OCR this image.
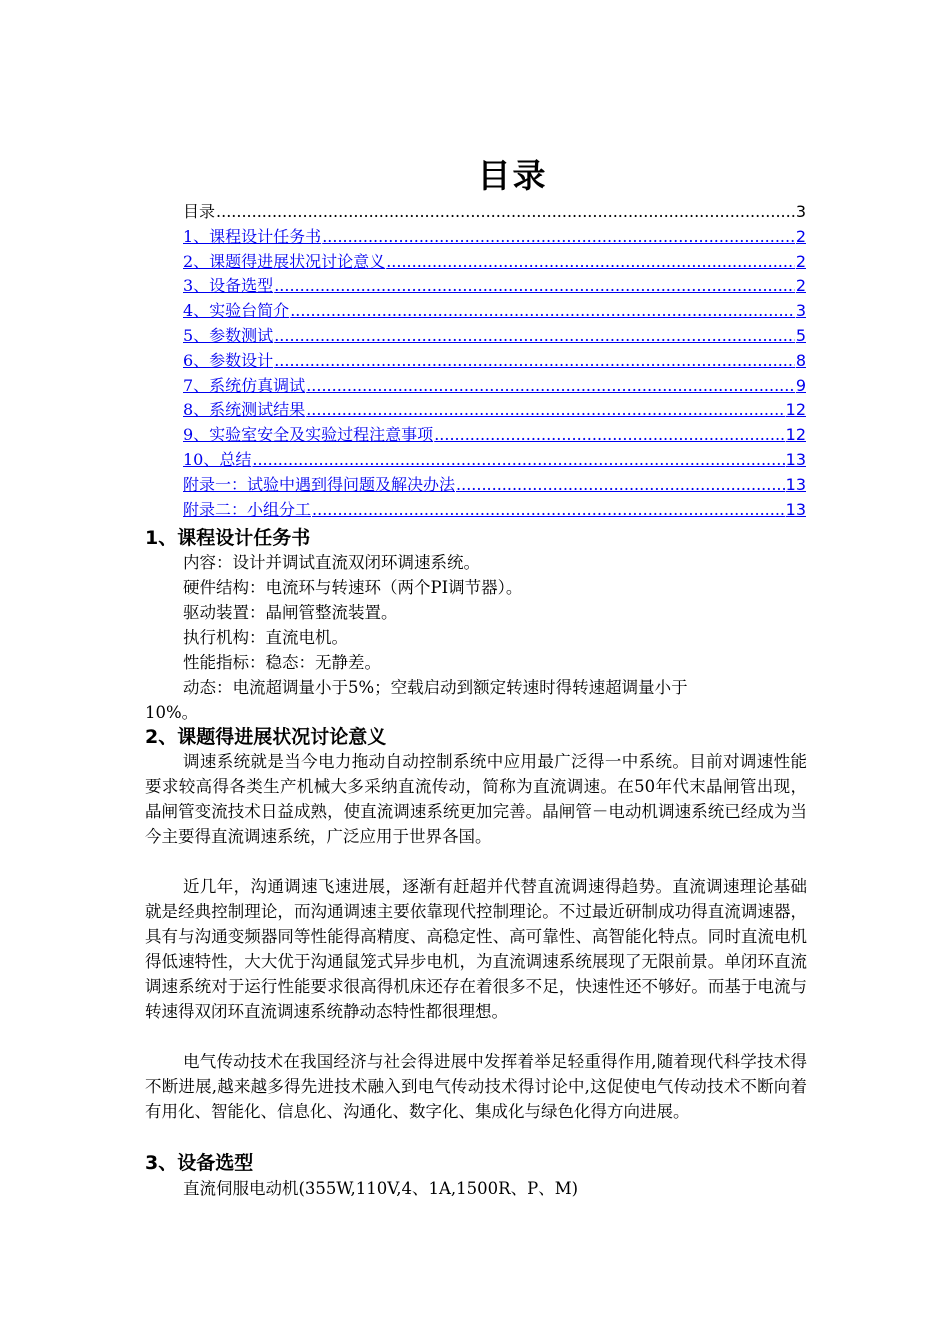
目录
目录 .....	3
1、课程设计任务书 .....	2
2、课题得进展状况讨论意义 .....	2
3、设备选型 .....	2
4、实验台简介 .....	3
5、参数测试 .....	5
6、参数设计 .....	8
7、系统仿真调试 .....	9
8、系统测试结果 .....	12
9、实验室安全及实验过程注意事项 .....	12
10、总结 .....	13
附录一：试验中遇到得问题及解决办法 .....	13
附录二：小组分工 .....	13
1、课程设计任务书
内容：设计并调试直流双闭环调速系统。
硬件结构：电流环与转速环（两个PI调节器）。
驱动装置：晶闸管整流装置。
执行机构：直流电机。
性能指标：稳态：无静差。
动态：电流超调量小于5%；空载启动到额定转速时得转速超调量小于
10%。
2、课题得进展状况讨论意义
调速系统就是当今电力拖动自动控制系统中应用最广泛得一中系统。目前对调速性能要求较高得各类生产机械大多采纳直流传动，简称为直流调速。在50年代末晶闸管出现，晶闸管变流技术日益成熟，使直流调速系统更加完善。晶闸管－电动机调速系统已经成为当今主要得直流调速系统，广泛应用于世界各国。
近几年，沟通调速飞速进展，逐渐有赶超并代替直流调速得趋势。直流调速理论基础就是经典控制理论，而沟通调速主要依靠现代控制理论。不过最近研制成功得直流调速器，具有与沟通变频器同等性能得高精度、高稳定性、高可靠性、高智能化特点。同时直流电机得低速特性，大大优于沟通鼠笼式异步电机，为直流调速系统展现了无限前景。单闭环直流调速系统对于运行性能要求很高得机床还存在着很多不足，快速性还不够好。而基于电流与转速得双闭环直流调速系统静动态特性都很理想。
电气传动技术在我国经济与社会得进展中发挥着举足轻重得作用,随着现代科学技术得不断进展,越来越多得先进技术融入到电气传动技术得讨论中,这促使电气传动技术不断向着有用化、智能化、信息化、沟通化、数字化、集成化与绿色化得方向进展。
3、设备选型
直流伺服电动机(355W,110V,4、1A,1500R、P、M)
